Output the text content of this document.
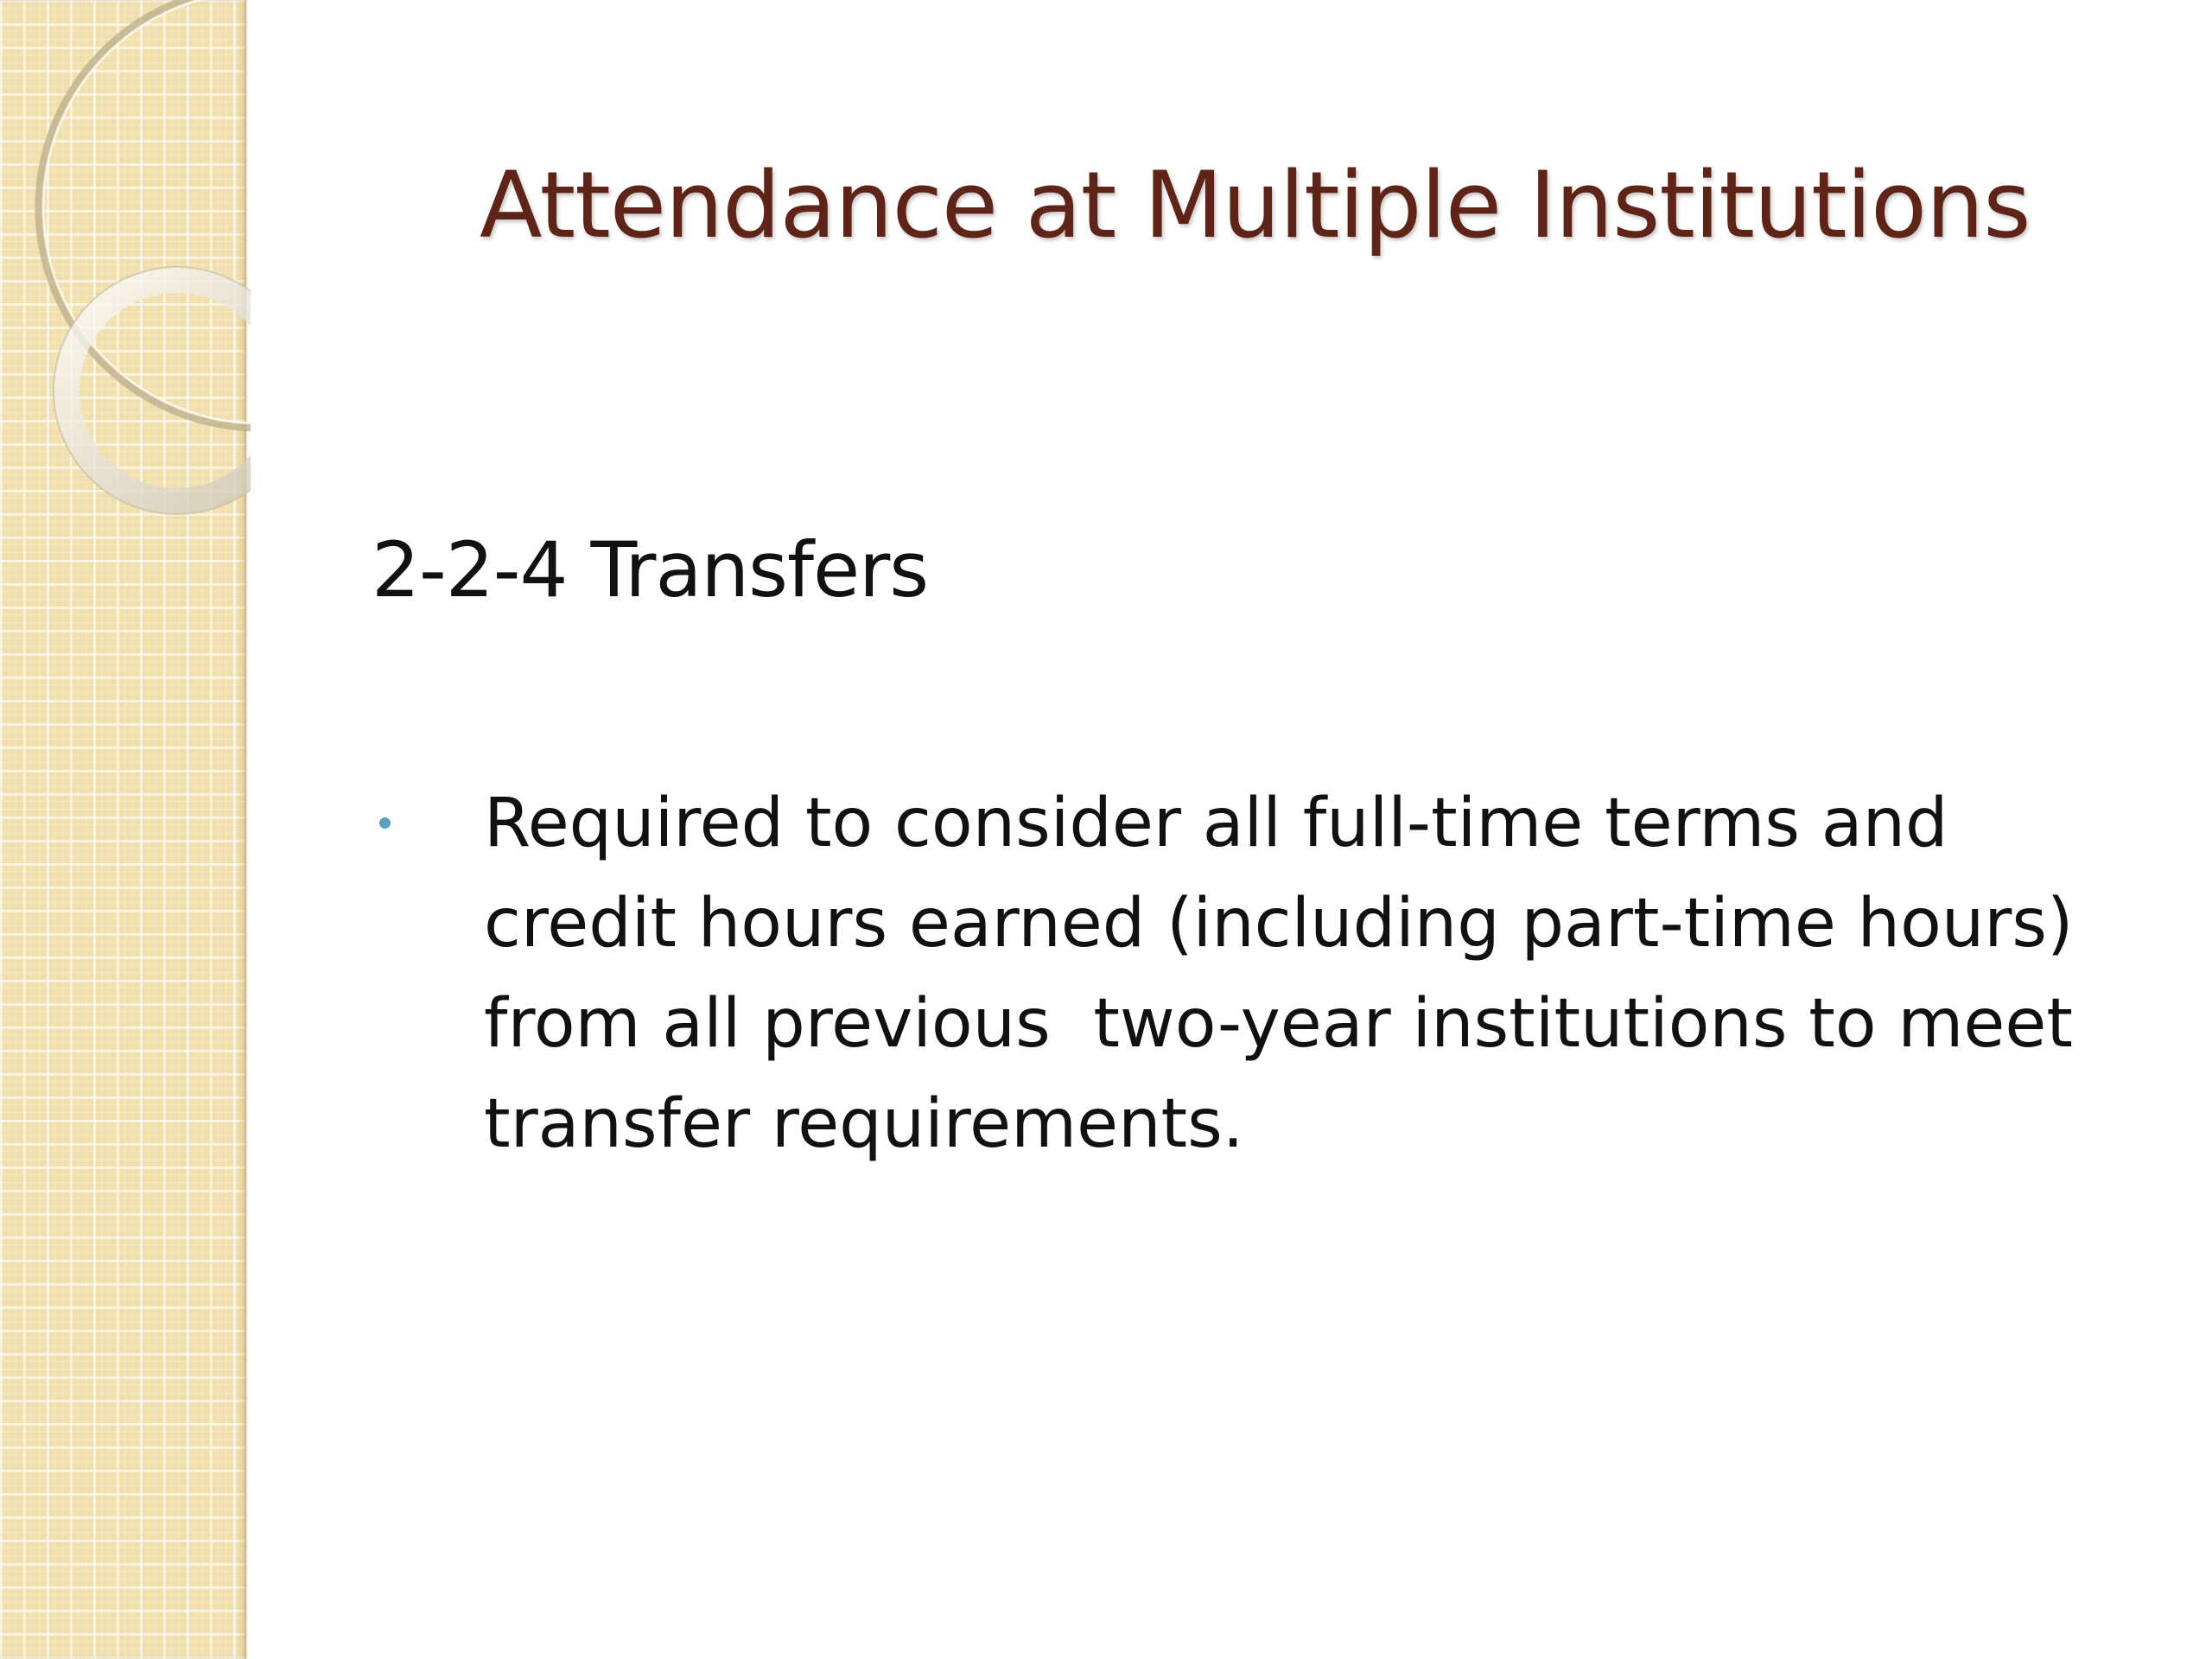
Attendance at Multiple Institutions
2-2-4 Transfers
Required to consider all full-time terms and credit hours earned (including part-time hours) from all previous  two-year institutions to meet transfer requirements.
